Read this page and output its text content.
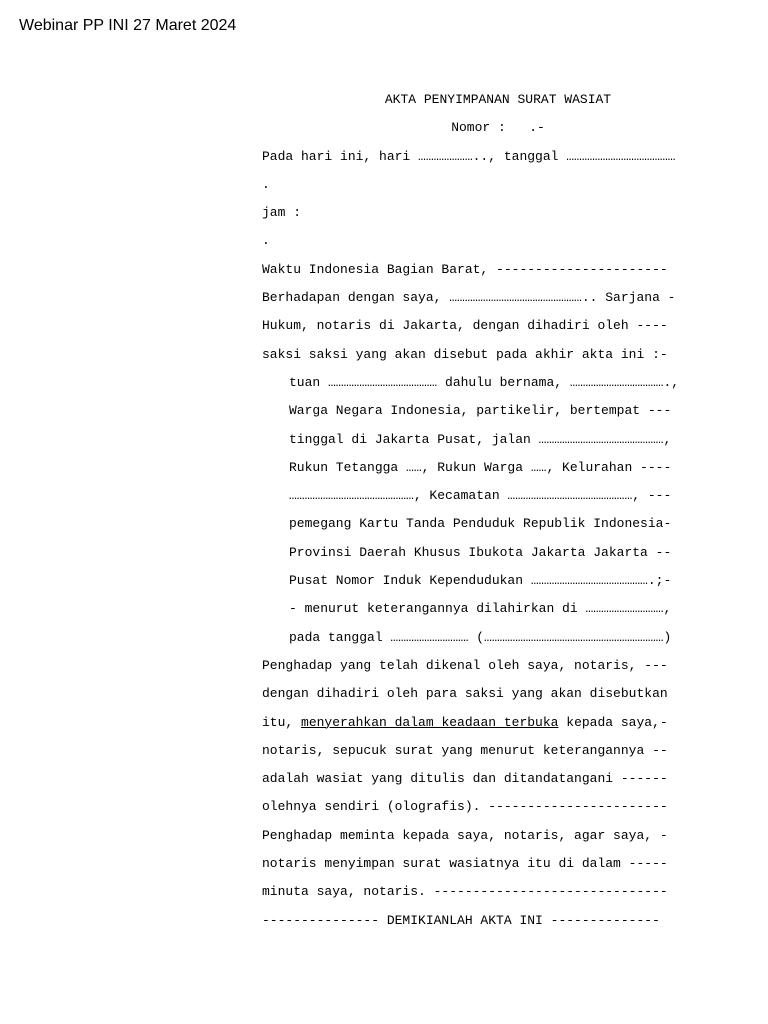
Webinar PP INI 27 Maret 2024
AKTA PENYIMPANAN SURAT WASIAT
Nomor :   .-
Pada hari ini, hari ………………….., tanggal ……………………………………
.
jam :
.
Waktu Indonesia Bagian Barat, ----------------------
Berhadapan dengan saya, …………………………………………….. Sarjana -
Hukum, notaris di Jakarta, dengan dihadiri oleh ----
saksi saksi yang akan disebut pada akhir akta ini :-
tuan …………………………………… dahulu bernama, ……………………………….,
Warga Negara Indonesia, partikelir, bertempat ---
tinggal di Jakarta Pusat, jalan …………………………………………,
Rukun Tetangga ……, Rukun Warga ……, Kelurahan ----
…………………………………………, Kecamatan …………………………………………, ---
pemegang Kartu Tanda Penduduk Republik Indonesia-
Provinsi Daerah Khusus Ibukota Jakarta Jakarta --
Pusat Nomor Induk Kependudukan ……………………………………….;-
- menurut keterangannya dilahirkan di …………………………,
pada tanggal ………………………… (……………………………………………………………)
Penghadap yang telah dikenal oleh saya, notaris, ---
dengan dihadiri oleh para saksi yang akan disebutkan
itu, menyerahkan dalam keadaan terbuka kepada saya,-
notaris, sepucuk surat yang menurut keterangannya --
adalah wasiat yang ditulis dan ditandatangani ------
olehnya sendiri (olografis). -----------------------
Penghadap meminta kepada saya, notaris, agar saya, -
notaris menyimpan surat wasiatnya itu di dalam -----
minuta saya, notaris. ------------------------------
--------------- DEMIKIANLAH AKTA INI --------------
